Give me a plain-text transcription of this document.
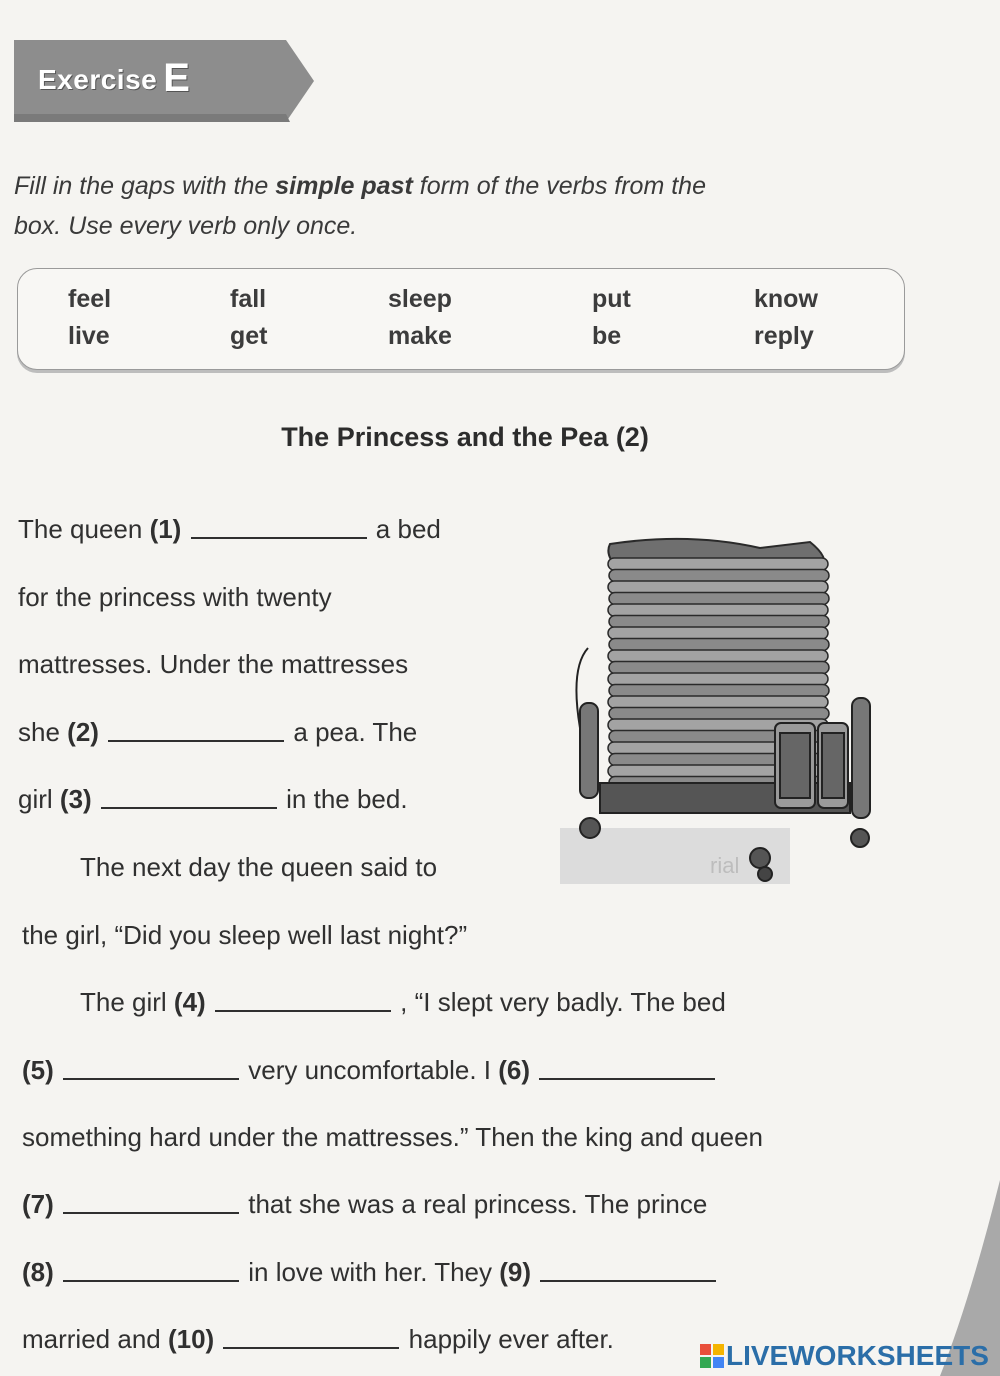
Exercise E
Fill in the gaps with the simple past form of the verbs from the
box. Use every verb only once.
feel	fall	sleep	put	know
live	get	make	be	reply
The Princess and the Pea (2)
The queen (1)	a bed
for the princess with twenty
mattresses. Under the mattresses
she (2)	a pea. The
girl (3)	in the bed.
The next day the queen said to
the girl, “Did you sleep well last night?”
The girl (4)	, “I slept very badly. The bed
(5)	very uncomfortable. I (6)
something hard under the mattresses.” Then the king and queen
(7)	that she was a real princess. The prince
(8)	in love with her. They (9)
married and (10)	happily ever after.
rial
LIVEWORKSHEETS
